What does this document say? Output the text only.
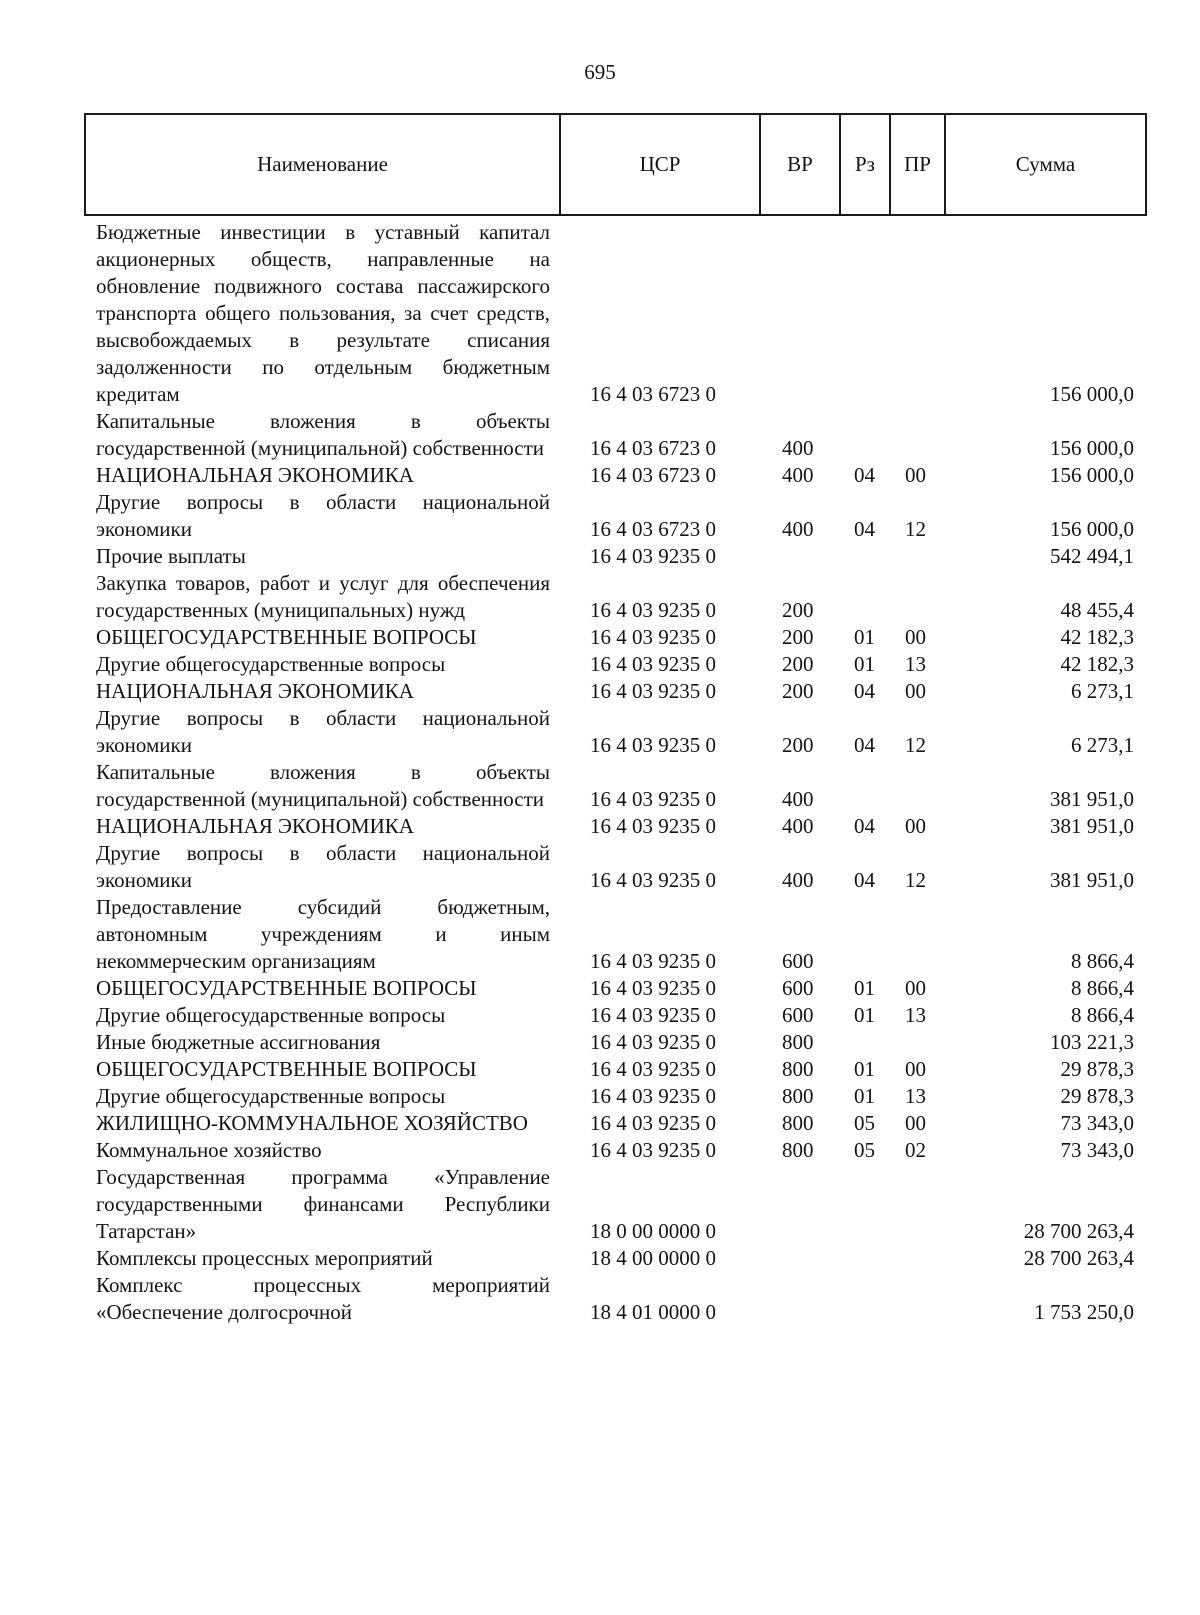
695
Наименование	ЦСР	ВР	Рз	ПР	Сумма
Бюджетные инвестиции в уставный капитал акционерных обществ, направленные на обновление подвижного состава пассажирского транспорта общего пользования, за счет средств, высвобождаемых в результате списания задолженности по отдельным бюджетным кредитам	16 4 03 6723 0				156 000,0
Капитальные вложения в объекты государственной (муниципальной) собственности	16 4 03 6723 0	400			156 000,0
НАЦИОНАЛЬНАЯ ЭКОНОМИКА	16 4 03 6723 0	400	04	00	156 000,0
Другие вопросы в области национальной экономики	16 4 03 6723 0	400	04	12	156 000,0
Прочие выплаты	16 4 03 9235 0				542 494,1
Закупка товаров, работ и услуг для обеспечения государственных (муниципальных) нужд	16 4 03 9235 0	200			48 455,4
ОБЩЕГОСУДАРСТВЕННЫЕ ВОПРОСЫ	16 4 03 9235 0	200	01	00	42 182,3
Другие общегосударственные вопросы	16 4 03 9235 0	200	01	13	42 182,3
НАЦИОНАЛЬНАЯ ЭКОНОМИКА	16 4 03 9235 0	200	04	00	6 273,1
Другие вопросы в области национальной экономики	16 4 03 9235 0	200	04	12	6 273,1
Капитальные вложения в объекты государственной (муниципальной) собственности	16 4 03 9235 0	400			381 951,0
НАЦИОНАЛЬНАЯ ЭКОНОМИКА	16 4 03 9235 0	400	04	00	381 951,0
Другие вопросы в области национальной экономики	16 4 03 9235 0	400	04	12	381 951,0
Предоставление субсидий бюджетным, автономным учреждениям и иным некоммерческим организациям	16 4 03 9235 0	600			8 866,4
ОБЩЕГОСУДАРСТВЕННЫЕ ВОПРОСЫ	16 4 03 9235 0	600	01	00	8 866,4
Другие общегосударственные вопросы	16 4 03 9235 0	600	01	13	8 866,4
Иные бюджетные ассигнования	16 4 03 9235 0	800			103 221,3
ОБЩЕГОСУДАРСТВЕННЫЕ ВОПРОСЫ	16 4 03 9235 0	800	01	00	29 878,3
Другие общегосударственные вопросы	16 4 03 9235 0	800	01	13	29 878,3
ЖИЛИЩНО-КОММУНАЛЬНОЕ ХОЗЯЙСТВО	16 4 03 9235 0	800	05	00	73 343,0
Коммунальное хозяйство	16 4 03 9235 0	800	05	02	73 343,0
Государственная программа «Управление государственными финансами Республики Татарстан»	18 0 00 0000 0				28 700 263,4
Комплексы процессных мероприятий	18 4 00 0000 0				28 700 263,4
Комплекс процессных мероприятий «Обеспечение долгосрочной	18 4 01 0000 0				1 753 250,0
